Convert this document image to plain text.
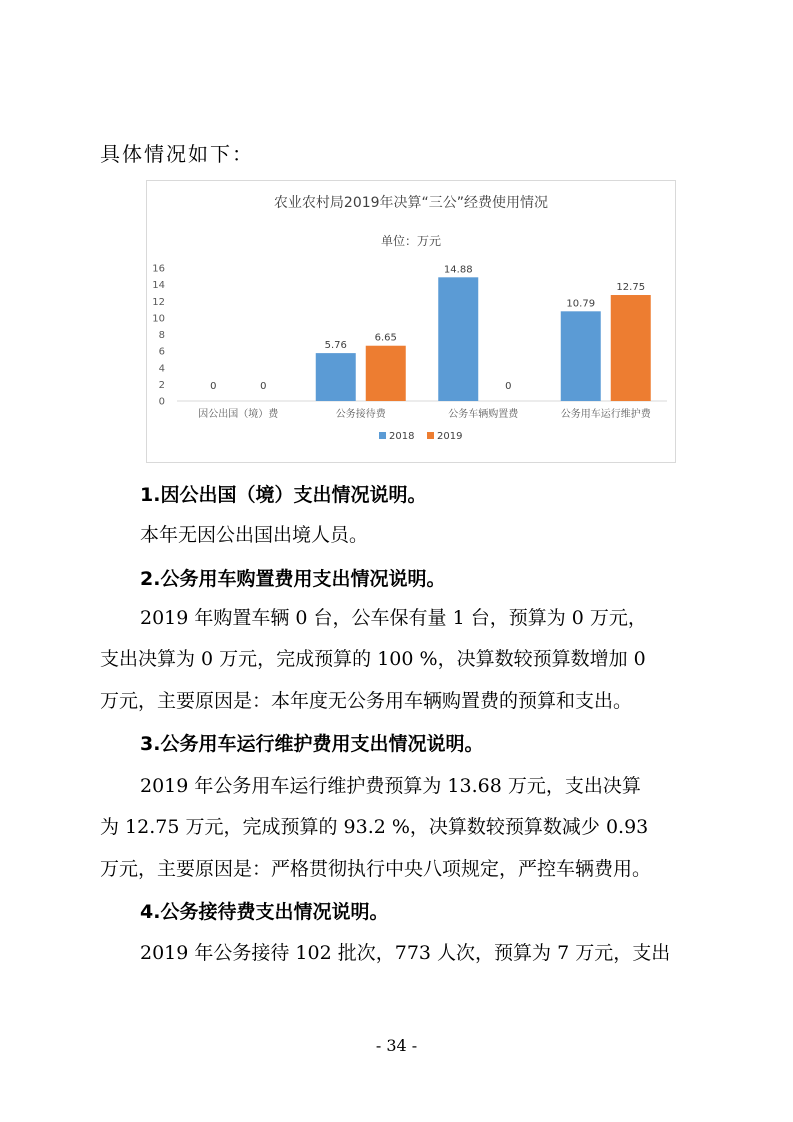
具体情况如下：
农业农村局2019年决算“三公”经费使用情况
单位：万元
0
2
4
6
8
10
12
14
16
0	0
5.76
6.65
14.88
0
10.79
12.75
因公出国（境）费	公务接待费	公务车辆购置费	公务用车运行维护费
2018 2019
1.因公出国（境）支出情况说明。
本年无因公出国出境人员。
2.公务用车购置费用支出情况说明。
2019 年购置车辆 0 台，公车保有量 1 台，预算为 0 万元，
支出决算为 0 万元，完成预算的 100 %，决算数较预算数增加 0
万元，主要原因是：本年度无公务用车辆购置费的预算和支出。
3.公务用车运行维护费用支出情况说明。
2019 年公务用车运行维护费预算为 13.68 万元，支出决算
为 12.75 万元，完成预算的 93.2 %，决算数较预算数减少 0.93
万元，主要原因是：严格贯彻执行中央八项规定，严控车辆费用。
4.公务接待费支出情况说明。
2019 年公务接待 102 批次，773 人次，预算为 7 万元，支出
- 34 -
